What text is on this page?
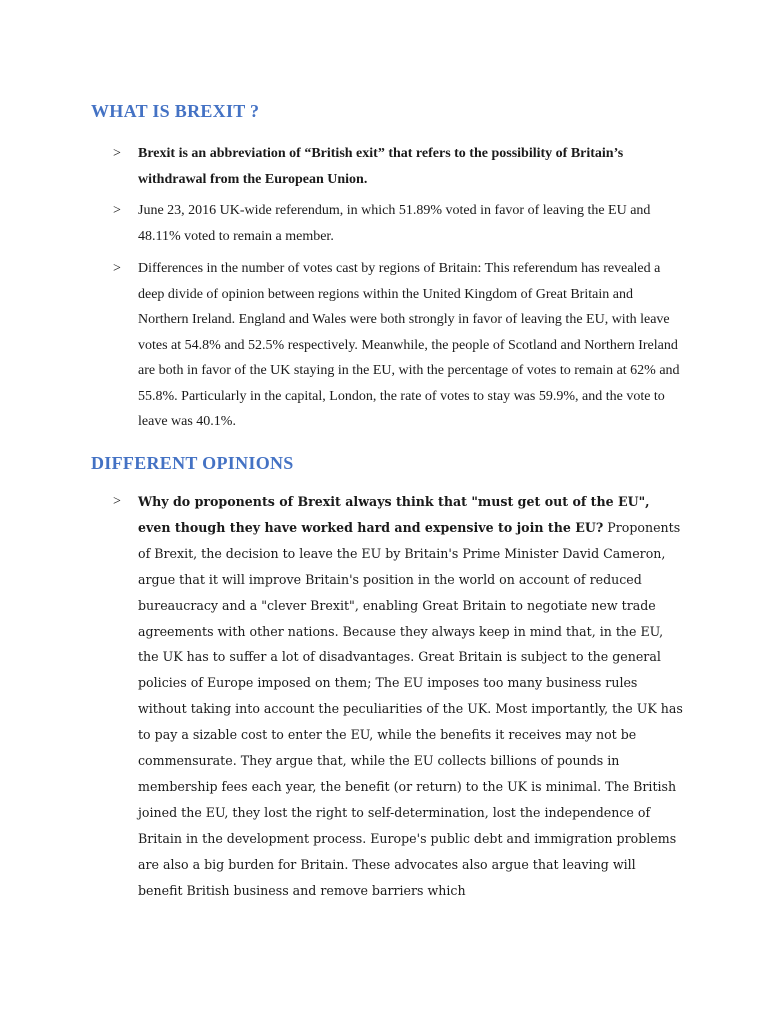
WHAT IS BREXIT ?
> Brexit is an abbreviation of “British exit” that refers to the possibility of Britain’s withdrawal from the European Union.

> June 23, 2016 UK-wide referendum, in which 51.89% voted in favor of leaving the EU and 48.11% voted to remain a member.

> Differences in the number of votes cast by regions of Britain: This referendum has revealed a deep divide of opinion between regions within the United Kingdom of Great Britain and Northern Ireland. England and Wales were both strongly in favor of leaving the EU, with leave votes at 54.8% and 52.5% respectively. Meanwhile, the people of Scotland and Northern Ireland are both in favor of the UK staying in the EU, with the percentage of votes to remain at 62% and 55.8%. Particularly in the capital, London, the rate of votes to stay was 59.9%, and the vote to leave was 40.1%.

DIFFERENT OPINIONS
> Why do proponents of Brexit always think that "must get out of the EU", even though they have worked hard and expensive to join the EU? Proponents of Brexit, the decision to leave the EU by Britain's Prime Minister David Cameron, argue that it will improve Britain's position in the world on account of reduced bureaucracy and a "clever Brexit", enabling Great Britain to negotiate new trade agreements with other nations. Because they always keep in mind that, in the EU, the UK has to suffer a lot of disadvantages. Great Britain is subject to the general policies of Europe imposed on them; The EU imposes too many business rules without taking into account the peculiarities of the UK. Most importantly, the UK has to pay a sizable cost to enter the EU, while the benefits it receives may not be commensurate. They argue that, while the EU collects billions of pounds in membership fees each year, the benefit (or return) to the UK is minimal. The British joined the EU, they lost the right to self-determination, lost the independence of Britain in the development process. Europe's public debt and immigration problems are also a big burden for Britain. These advocates also argue that leaving will benefit British business and remove barriers which
